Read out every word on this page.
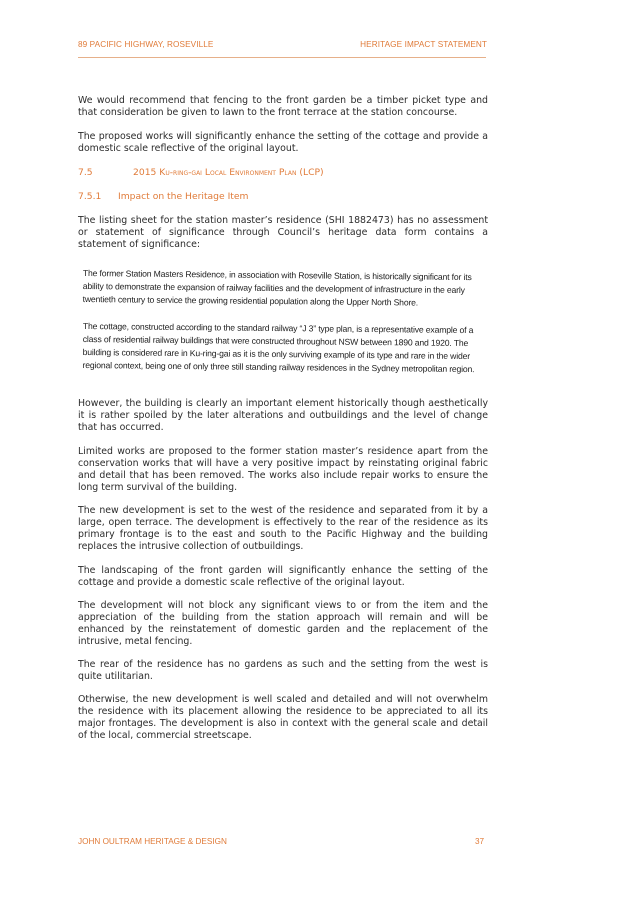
89 PACIFIC HIGHWAY, ROSEVILLE	HERITAGE IMPACT STATEMENT

We would recommend that fencing to the front garden be a timber picket type and that consideration be given to lawn to the front terrace at the station concourse.

The proposed works will significantly enhance the setting of the cottage and provide a domestic scale reflective of the original layout.

7.5	2015 Ku-ring-gai Local Environment Plan (LCP)
7.5.1 Impact on the Heritage Item

The listing sheet for the station master’s residence (SHI 1882473) has no assessment or statement of significance through Council’s heritage data form contains a statement of significance:

The former Station Masters Residence, in association with Roseville Station, is historically significant for its ability to demonstrate the expansion of railway facilities and the development of infrastructure in the early twentieth century to service the growing residential population along the Upper North Shore.
The cottage, constructed according to the standard railway “J 3” type plan, is a representative example of a class of residential railway buildings that were constructed throughout NSW between 1890 and 1920. The building is considered rare in Ku-ring-gai as it is the only surviving example of its type and rare in the wider regional context, being one of only three still standing railway residences in the Sydney metropolitan region.

However, the building is clearly an important element historically though aesthetically it is rather spoiled by the later alterations and outbuildings and the level of change that has occurred.

Limited works are proposed to the former station master’s residence apart from the conservation works that will have a very positive impact by reinstating original fabric and detail that has been removed. The works also include repair works to ensure the long term survival of the building.

The new development is set to the west of the residence and separated from it by a large, open terrace. The development is effectively to the rear of the residence as its primary frontage is to the east and south to the Pacific Highway and the building replaces the intrusive collection of outbuildings.

The landscaping of the front garden will significantly enhance the setting of the cottage and provide a domestic scale reflective of the original layout.

The development will not block any significant views to or from the item and the appreciation of the building from the station approach will remain and will be enhanced by the reinstatement of domestic garden and the replacement of the intrusive, metal fencing.

The rear of the residence has no gardens as such and the setting from the west is quite utilitarian.

Otherwise, the new development is well scaled and detailed and will not overwhelm the residence with its placement allowing the residence to be appreciated to all its major frontages. The development is also in context with the general scale and detail of the local, commercial streetscape.

JOHN OULTRAM HERITAGE & DESIGN	37
